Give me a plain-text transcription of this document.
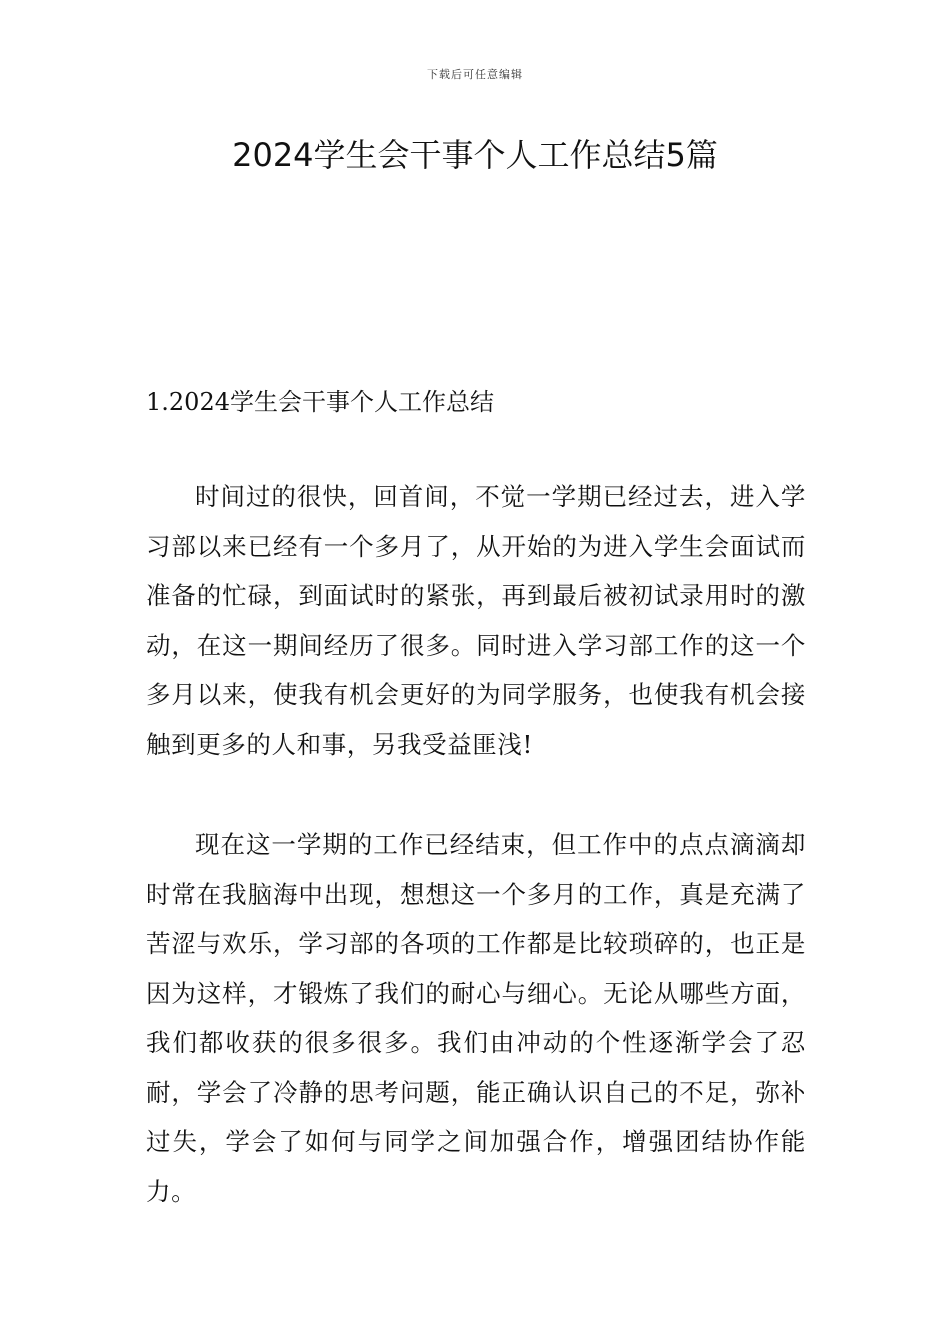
下载后可任意编辑
2024学生会干事个人工作总结5篇
1.2024学生会干事个人工作总结

时间过的很快，回首间，不觉一学期已经过去，进入学习部以来已经有一个多月了，从开始的为进入学生会面试而准备的忙碌，到面试时的紧张，再到最后被初试录用时的激动，在这一期间经历了很多。同时进入学习部工作的这一个多月以来，使我有机会更好的为同学服务，也使我有机会接触到更多的人和事，另我受益匪浅!

现在这一学期的工作已经结束，但工作中的点点滴滴却时常在我脑海中出现，想想这一个多月的工作，真是充满了苦涩与欢乐，学习部的各项的工作都是比较琐碎的，也正是因为这样，才锻炼了我们的耐心与细心。无论从哪些方面，我们都收获的很多很多。我们由冲动的个性逐渐学会了忍耐，学会了冷静的思考问题，能正确认识自己的不足，弥补过失，学会了如何与同学之间加强合作，增强团结协作能力。
